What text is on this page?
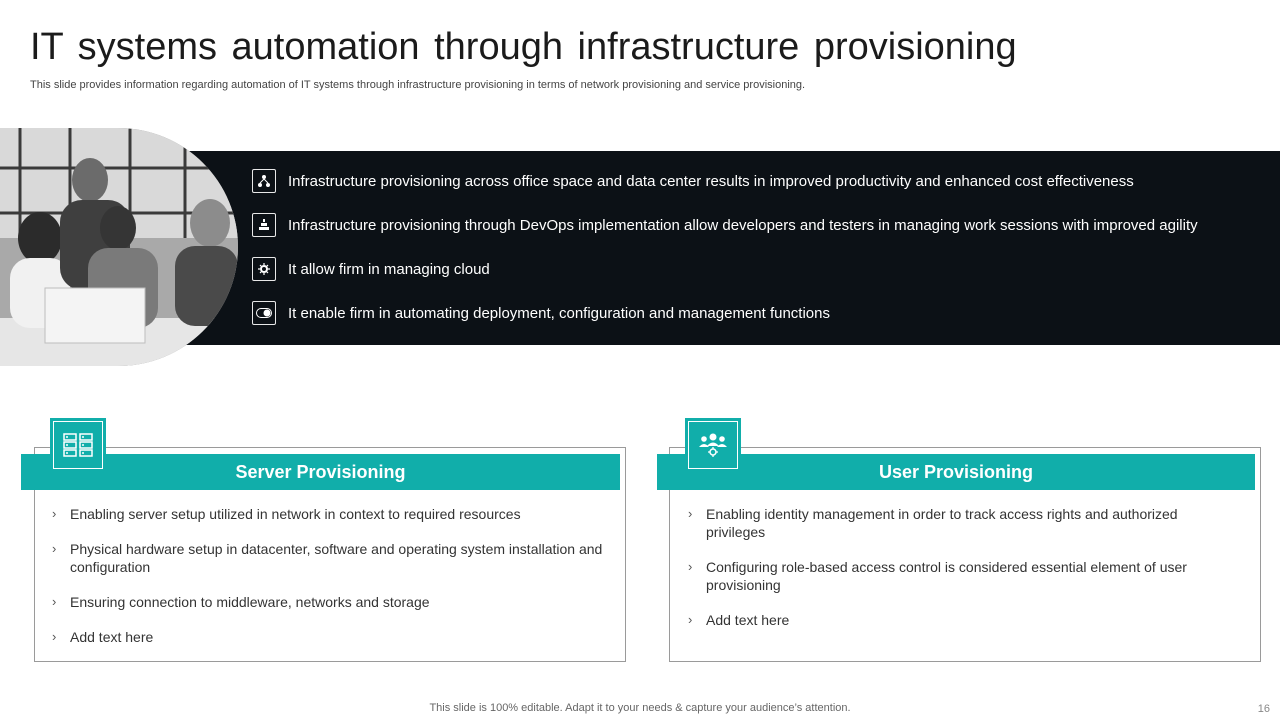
IT systems automation through infrastructure provisioning
This slide provides information regarding automation of IT systems through infrastructure provisioning in terms of network provisioning and service provisioning.
Infrastructure provisioning across office space and data center results in improved productivity and enhanced cost effectiveness
Infrastructure provisioning through DevOps implementation allow developers and testers in managing work sessions with improved agility
It allow firm in managing cloud
It enable firm in automating deployment, configuration and management functions
Server Provisioning
› Enabling server setup utilized in network in context to required resources
› Physical hardware setup in datacenter, software and operating system installation and configuration
› Ensuring connection to middleware, networks and storage
› Add text here
User Provisioning
› Enabling identity management in order to track access rights and authorized privileges
› Configuring role-based access control is considered essential element of user provisioning
› Add text here
This slide is 100% editable. Adapt it to your needs & capture your audience’s attention.	16
